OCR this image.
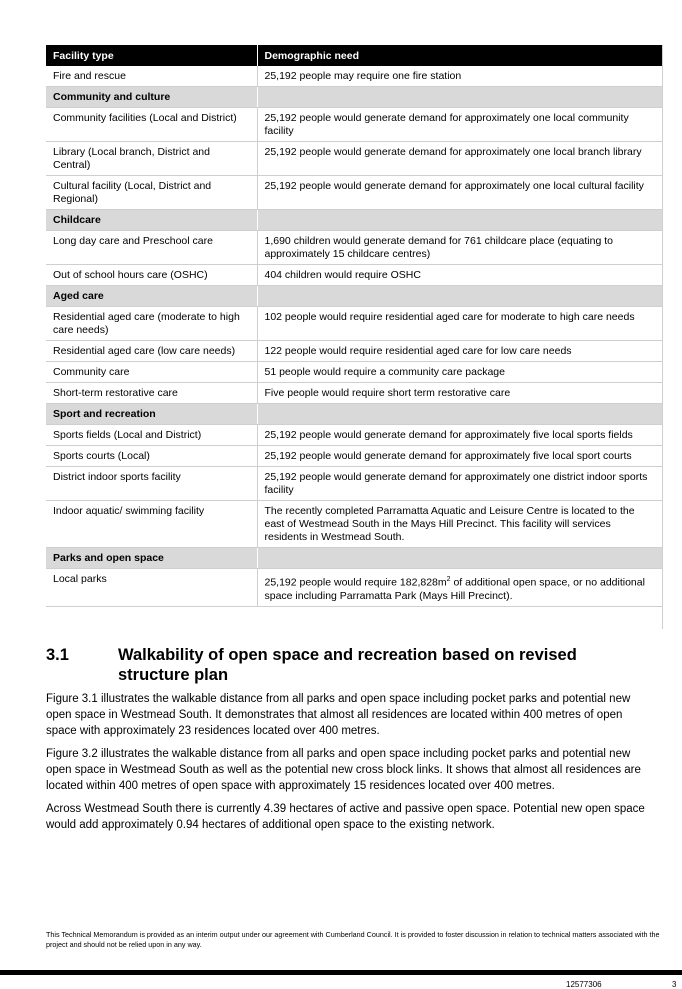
Facility type	Demographic need
Fire and rescue	25,192 people may require one fire station
Community and culture	
Community facilities (Local and District)	25,192 people would generate demand for approximately one local community facility
Library (Local branch, District and Central)	25,192 people would generate demand for approximately one local branch library
Cultural facility (Local, District and Regional)	25,192 people would generate demand for approximately one local cultural facility
Childcare	
Long day care and Preschool care	1,690 children would generate demand for 761 childcare place (equating to approximately 15 childcare centres)
Out of school hours care (OSHC)	404 children would require OSHC
Aged care	
Residential aged care (moderate to high care needs)	102 people would require residential aged care for moderate to high care needs
Residential aged care (low care needs)	122 people would require residential aged care for low care needs
Community care	51 people would require a community care package
Short-term restorative care	Five people would require short term restorative care
Sport and recreation	
Sports fields (Local and District)	25,192 people would generate demand for approximately five local sports fields
Sports courts (Local)	25,192 people would generate demand for approximately five local sport courts
District indoor sports facility	25,192 people would generate demand for approximately one district indoor sports facility
Indoor aquatic/ swimming facility	The recently completed Parramatta Aquatic and Leisure Centre is located to the east of Westmead South in the Mays Hill Precinct. This facility will services residents in Westmead South.
Parks and open space	
Local parks	25,192 people would require $182,828m^2$ of additional open space, or no additional space including Parramatta Park (Mays Hill Precinct).
3.1	Walkability of open space and recreation based on revised structure plan

Figure 3.1 illustrates the walkable distance from all parks and open space including pocket parks and potential new open space in Westmead South. It demonstrates that almost all residences are located within 400 metres of open space with approximately 23 residences located over 400 metres.

Figure 3.2 illustrates the walkable distance from all parks and open space including pocket parks and potential new open space in Westmead South as well as the potential new cross block links. It shows that almost all residences are located within 400 metres of open space with approximately 15 residences located over 400 metres.

Across Westmead South there is currently 4.39 hectares of active and passive open space. Potential new open space would add approximately 0.94 hectares of additional open space to the existing network.

This Technical Memorandum is provided as an interim output under our agreement with Cumberland Council. It is provided to foster discussion in relation to technical matters associated with the project and should not be relied upon in any way.
12577306	3
